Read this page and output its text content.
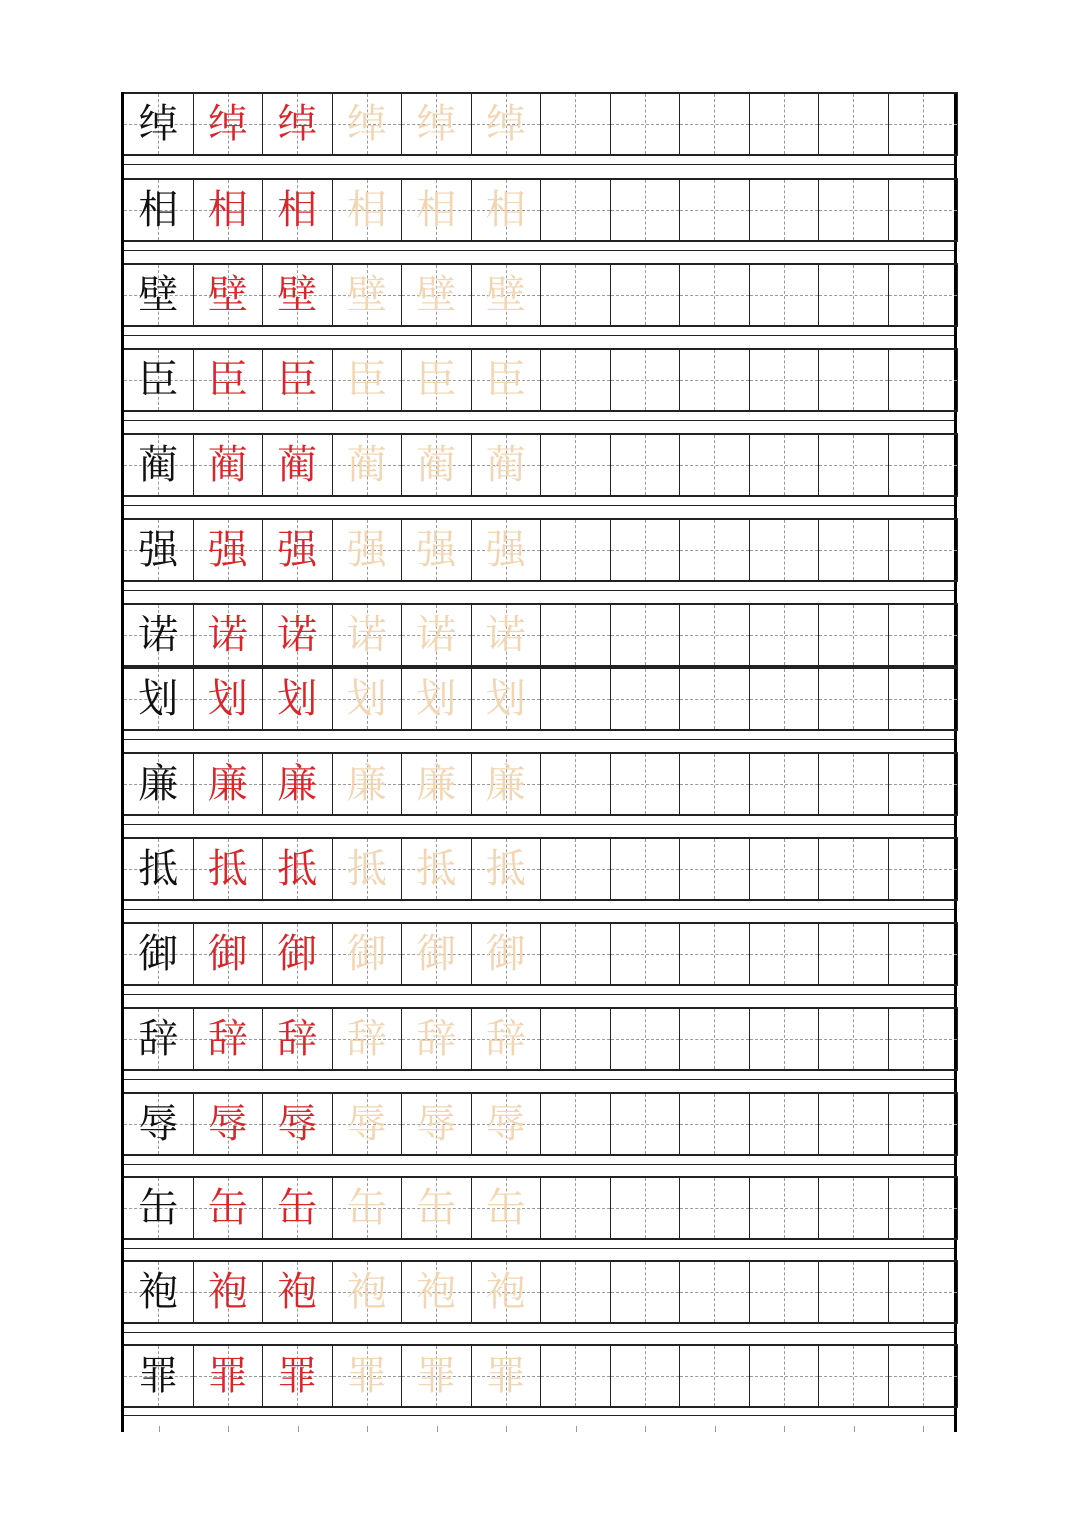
绰 绰 绰 绰 绰 绰
相 相 相 相 相 相
壁 壁 壁 壁 壁 壁
臣 臣 臣 臣 臣 臣
蔺 蔺 蔺 蔺 蔺 蔺
强 强 强 强 强 强
诺 诺 诺 诺 诺 诺
划 划 划 划 划 划
廉 廉 廉 廉 廉 廉
抵 抵 抵 抵 抵 抵
御 御 御 御 御 御
辞 辞 辞 辞 辞 辞
辱 辱 辱 辱 辱 辱
缶 缶 缶 缶 缶 缶
袍 袍 袍 袍 袍 袍
罪 罪 罪 罪 罪 罪
